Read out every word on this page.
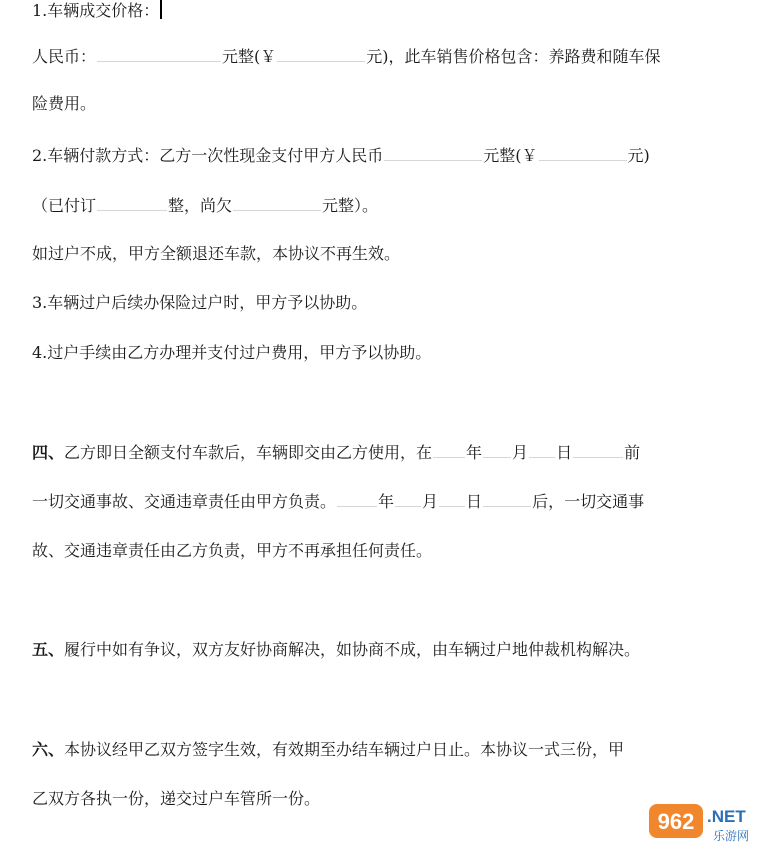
1.车辆成交价格：
人民币：	元整(￥	元)，此车销售价格包含：养路费和随车保
险费用。
2.车辆付款方式：乙方一次性现金支付甲方人民币	元整(￥	元)
（已付订	整，尚欠	元整）。
如过户不成，甲方全额退还车款，本协议不再生效。
3.车辆过户后续办保险过户时，甲方予以协助。
4.过户手续由乙方办理并支付过户费用，甲方予以协助。
四、乙方即日全额支付车款后，车辆即交由乙方使用，在 年 月 日	前
一切交通事故、交通违章责任由甲方负责。	年 月 日	后，一切交通事
故、交通违章责任由乙方负责，甲方不再承担任何责任。
五、履行中如有争议，双方友好协商解决，如协商不成，由车辆过户地仲裁机构解决。
六、本协议经甲乙双方签字生效，有效期至办结车辆过户日止。本协议一式三份，甲
乙双方各执一份，递交过户车管所一份。
962 .NET
乐游网
